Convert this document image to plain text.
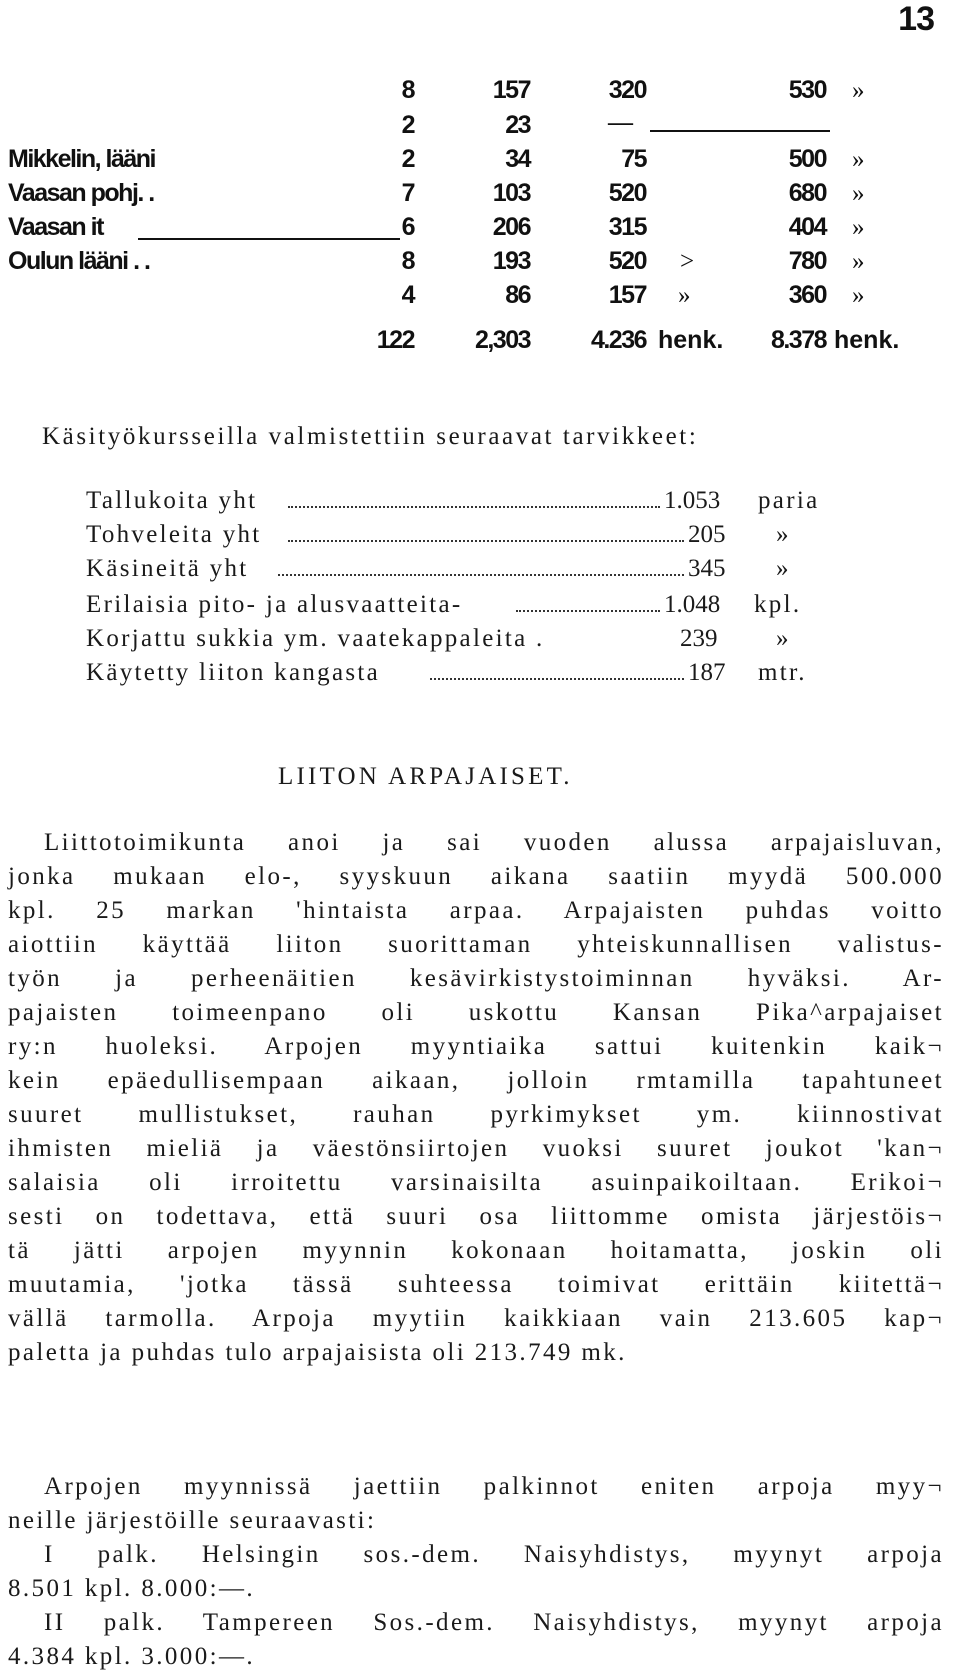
13
8	157	320	530 »
2	23	—
Mikkelin, lääni	2	34	75	500 »
Vaasan pohj. .	7	103	520	680 »
Vaasan it	6	206	315	404 »
Oulun lääni . .	8	193	520 >	780 »
4	86	157 »	360 »
122 2,303 4.236 henk. 8.378 henk.
Käsityökursseilla valmistettiin seuraavat tarvikkeet:
Tallukoita yht	1.053 paria
Tohveleita yht	205 »
Käsineitä yht	345 »
Erilaisia pito- ja alusvaatteita-	1.048 kpl.
Korjattu sukkia ym. vaatekappaleita .	239 »
Käytetty liiton kangasta	187 mtr.
LIITON ARPAJAISET.
Liittotoimikunta anoi ja sai vuoden alussa arpajaisluvan,
jonka mukaan elo-, syyskuun aikana saatiin myydä 500.000
kpl. 25 markan 'hintaista arpaa. Arpajaisten puhdas voitto
aiottiin käyttää liiton suorittaman yhteiskunnallisen valistus-
työn ja perheenäitien kesävirkistystoiminnan hyväksi. Ar-
pajaisten toimeenpano oli uskottu Kansan Pika^arpajaiset
ry:n huoleksi. Arpojen myyntiaika sattui kuitenkin kaik¬
kein epäedullisempaan aikaan, jolloin rmtamilla tapahtuneet
suuret mullistukset, rauhan pyrkimykset ym. kiinnostivat
ihmisten mieliä ja väestönsiirtojen vuoksi suuret joukot 'kan¬
salaisia oli irroitettu varsinaisilta asuinpaikoiltaan. Erikoi¬
sesti on todettava, että suuri osa liittomme omista järjestöis¬
tä jätti arpojen myynnin kokonaan hoitamatta, joskin oli
muutamia, 'jotka tässä suhteessa toimivat erittäin kiitettä¬
vällä tarmolla. Arpoja myytiin kaikkiaan vain 213.605 kap¬
paletta ja puhdas tulo arpajaisista oli 213.749 mk.
Arpojen myynnissä jaettiin palkinnot eniten arpoja myy¬
neille järjestöille seuraavasti:
I palk. Helsingin sos.-dem. Naisyhdistys, myynyt arpoja
8.501 kpl. 8.000:—.
II palk. Tampereen Sos.-dem. Naisyhdistys, myynyt arpoja
4.384 kpl. 3.000:—.
